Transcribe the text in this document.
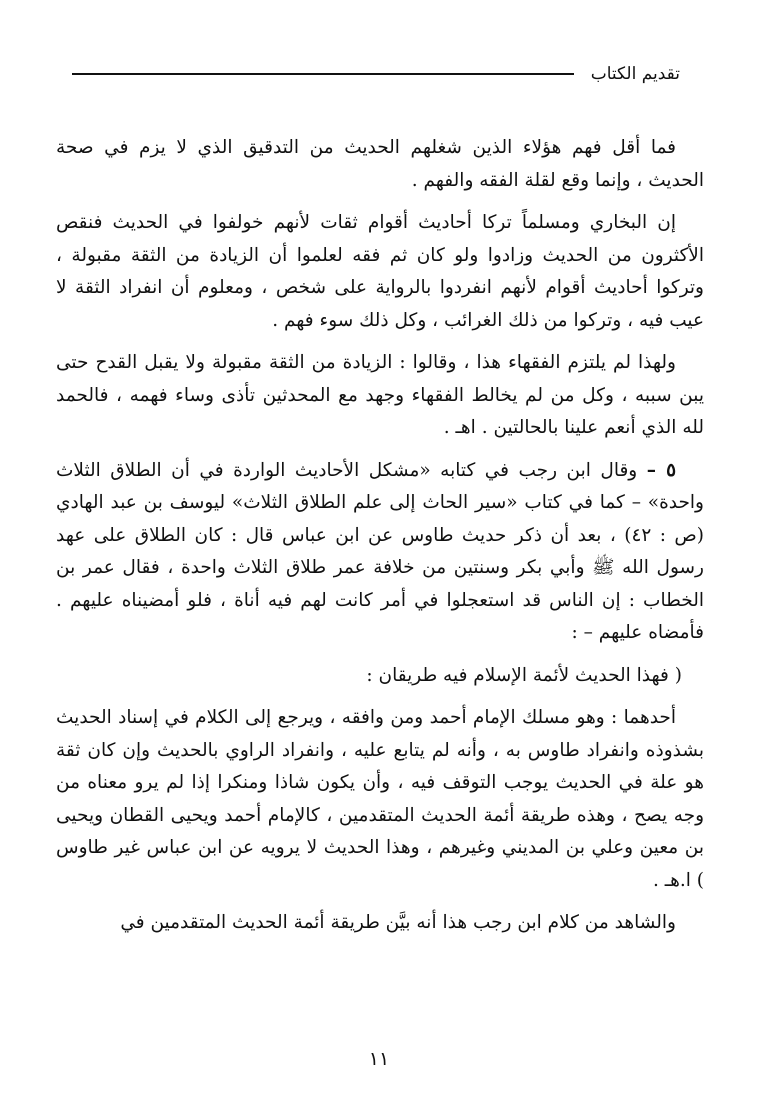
تقديم الكتاب

فما أقل فهم هؤلاء الذين شغلهم الحديث من التدقيق الذي لا يزم في صحة الحديث ، وإنما وقع لقلة الفقه والفهم .

إن البخاري ومسلماً تركا أحاديث أقوام ثقات لأنهم خولفوا في الحديث فنقص الأكثرون من الحديث وزادوا ولو كان ثم فقه لعلموا أن الزيادة من الثقة مقبولة ، وتركوا أحاديث أقوام لأنهم انفردوا بالرواية على شخص ، ومعلوم أن انفراد الثقة لا عيب فيه ، وتركوا من ذلك الغرائب ، وكل ذلك سوء فهم .

ولهذا لم يلتزم الفقهاء هذا ، وقالوا : الزيادة من الثقة مقبولة ولا يقبل القدح حتى يبن سببه ، وكل من لم يخالط الفقهاء وجهد مع المحدثين تأذى وساء فهمه ، فالحمد لله الذي أنعم علينا بالحالتين . اهـ .

٥ – وقال ابن رجب في كتابه «مشكل الأحاديث الواردة في أن الطلاق الثلاث واحدة» – كما في كتاب «سير الحاث إلى علم الطلاق الثلاث» ليوسف بن عبد الهادي (ص : ٤٢) ، بعد أن ذكر حديث طاوس عن ابن عباس قال : كان الطلاق على عهد رسول الله ﷺ وأبي بكر وسنتين من خلافة عمر طلاق الثلاث واحدة ، فقال عمر بن الخطاب : إن الناس قد استعجلوا في أمر كانت لهم فيه أناة ، فلو أمضيناه عليهم . فأمضاه عليهم – :

( فهذا الحديث لأئمة الإسلام فيه طريقان :

أحدهما : وهو مسلك الإمام أحمد ومن وافقه ، ويرجع إلى الكلام في إسناد الحديث بشذوذه وانفراد طاوس به ، وأنه لم يتابع عليه ، وانفراد الراوي بالحديث وإن كان ثقة هو علة في الحديث يوجب التوقف فيه ، وأن يكون شاذا ومنكرا إذا لم يرو معناه من وجه يصح ، وهذه طريقة أئمة الحديث المتقدمين ، كالإمام أحمد ويحيى القطان ويحيى بن معين وعلي بن المديني وغيرهم ، وهذا الحديث لا يرويه عن ابن عباس غير طاوس ) ا.هـ .

والشاهد من كلام ابن رجب هذا أنه بيَّن طريقة أئمة الحديث المتقدمين في

١١
